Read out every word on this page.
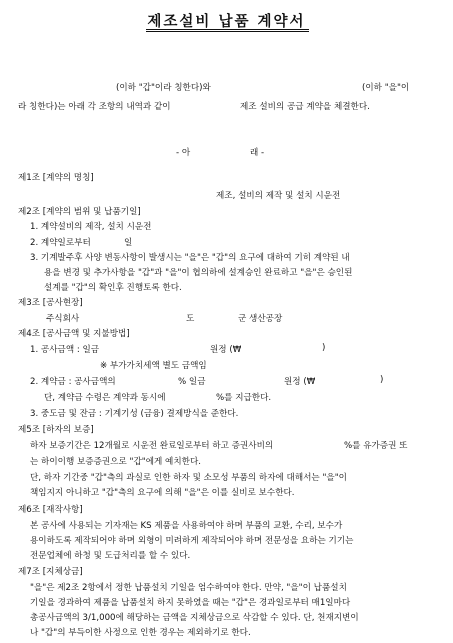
제조설비 납품 계약서
(이하 "갑"이라 칭한다)와	(이하 "을"이
라 칭한다)는 아래 각 조항의 내역과 같이	제조 설비의 공급 계약을 체결한다.
- 아	래 -
제1조 [계약의 명칭]
제조, 설비의 제작 및 설치 시운전
제2조 [계약의 범위 및 납품기일]
1. 계약설비의 제작, 설치 시운전
2. 계약일로부터	일
3. 기계발주후 사양 변동사항이 발생시는 "을"은 "갑"의 요구에 대하여 기히 계약된 내
용을 변경 및 추가사항을 "갑"과 "을"이 협의하에 설계승인 완료하고 "을"은 승인된
설계를 "갑"의 확인후 진행토록 한다.
제3조 [공사현장]
주식회사	도	군 생산공장
제4조 [공사금액 및 지불방법]
1. 공사금액 : 일금	원정 (₩	)
※ 부가가치세액 별도 금액임
2. 계약금 : 공사금액의	% 일금	원정 (₩	)
단, 계약금 수령은 계약과 동시에	%를 지급한다.
3. 중도금 및 잔금 : 기계기성 (금융) 결제방식을 준한다.
제5조 [하자의 보증]
하자 보증기간은 12개월로 시운전 완료일로부터 하고 증권사비의	%를 유가증권 또
는 하이이행 보증증권으로 "갑"에게 예치한다.
단, 하자 기간중 "갑"측의 과실로 인한 하자 및 소모성 부품의 하자에 대해서는 "을"이
책임지지 아니하고 "갑"측의 요구에 의해 "을"은 이를 실비로 보수한다.
제6조 [재작사항]
본 공사에 사용되는 기자재는 KS 제품을 사용하여야 하며 부품의 교환, 수리, 보수가
용이하도록 제작되어야 하며 외형이 미려하게 제작되어야 하며 전문성을 요하는 기기는
전문업체에 하청 및 도급처리를 할 수 있다.
제7조 [지체상금]
"을"은 제2조 2항에서 정한 납품설치 기일을 엄수하여야 한다. 만약, "을"이 납품설치
기일을 경과하여 제품을 납품설치 하지 못하였을 때는 "갑"은 경과일로부터 매1일마다
총공사금액의 3/1,000에 해당하는 금액을 지체상금으로 삭감할 수 있다. 단, 천재지변이
나 "갑"의 부득이한 사정으로 인한 경우는 제외하기로 한다.
